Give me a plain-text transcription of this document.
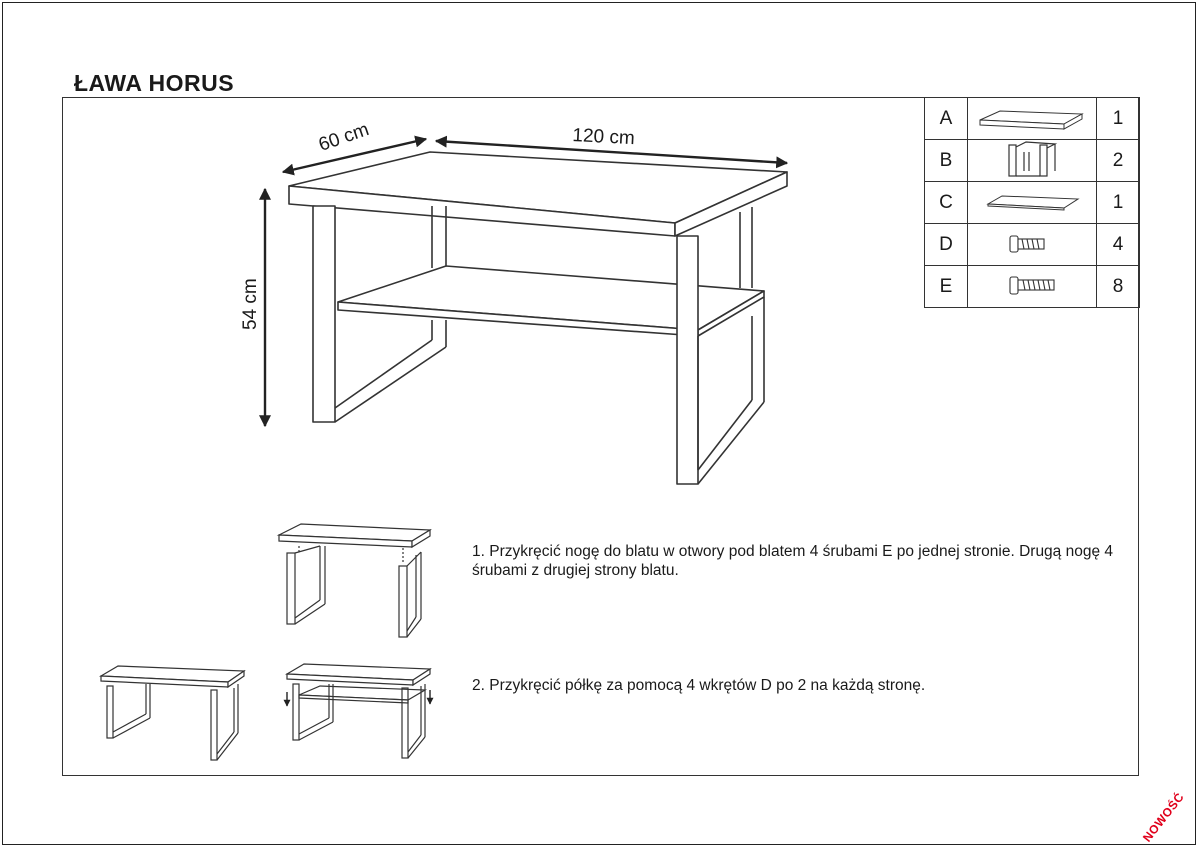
ŁAWA HORUS
60 cm	120 cm
54 cm
A		1
B		2
C		1
D		4
E		8
1. Przykręcić nogę do blatu w otwory pod blatem 4 śrubami E po jednej stronie. Drugą nogę 4 śrubami z drugiej strony blatu.
2. Przykręcić półkę za pomocą 4 wkrętów D po 2 na każdą stronę.
NOWOŚĆ
